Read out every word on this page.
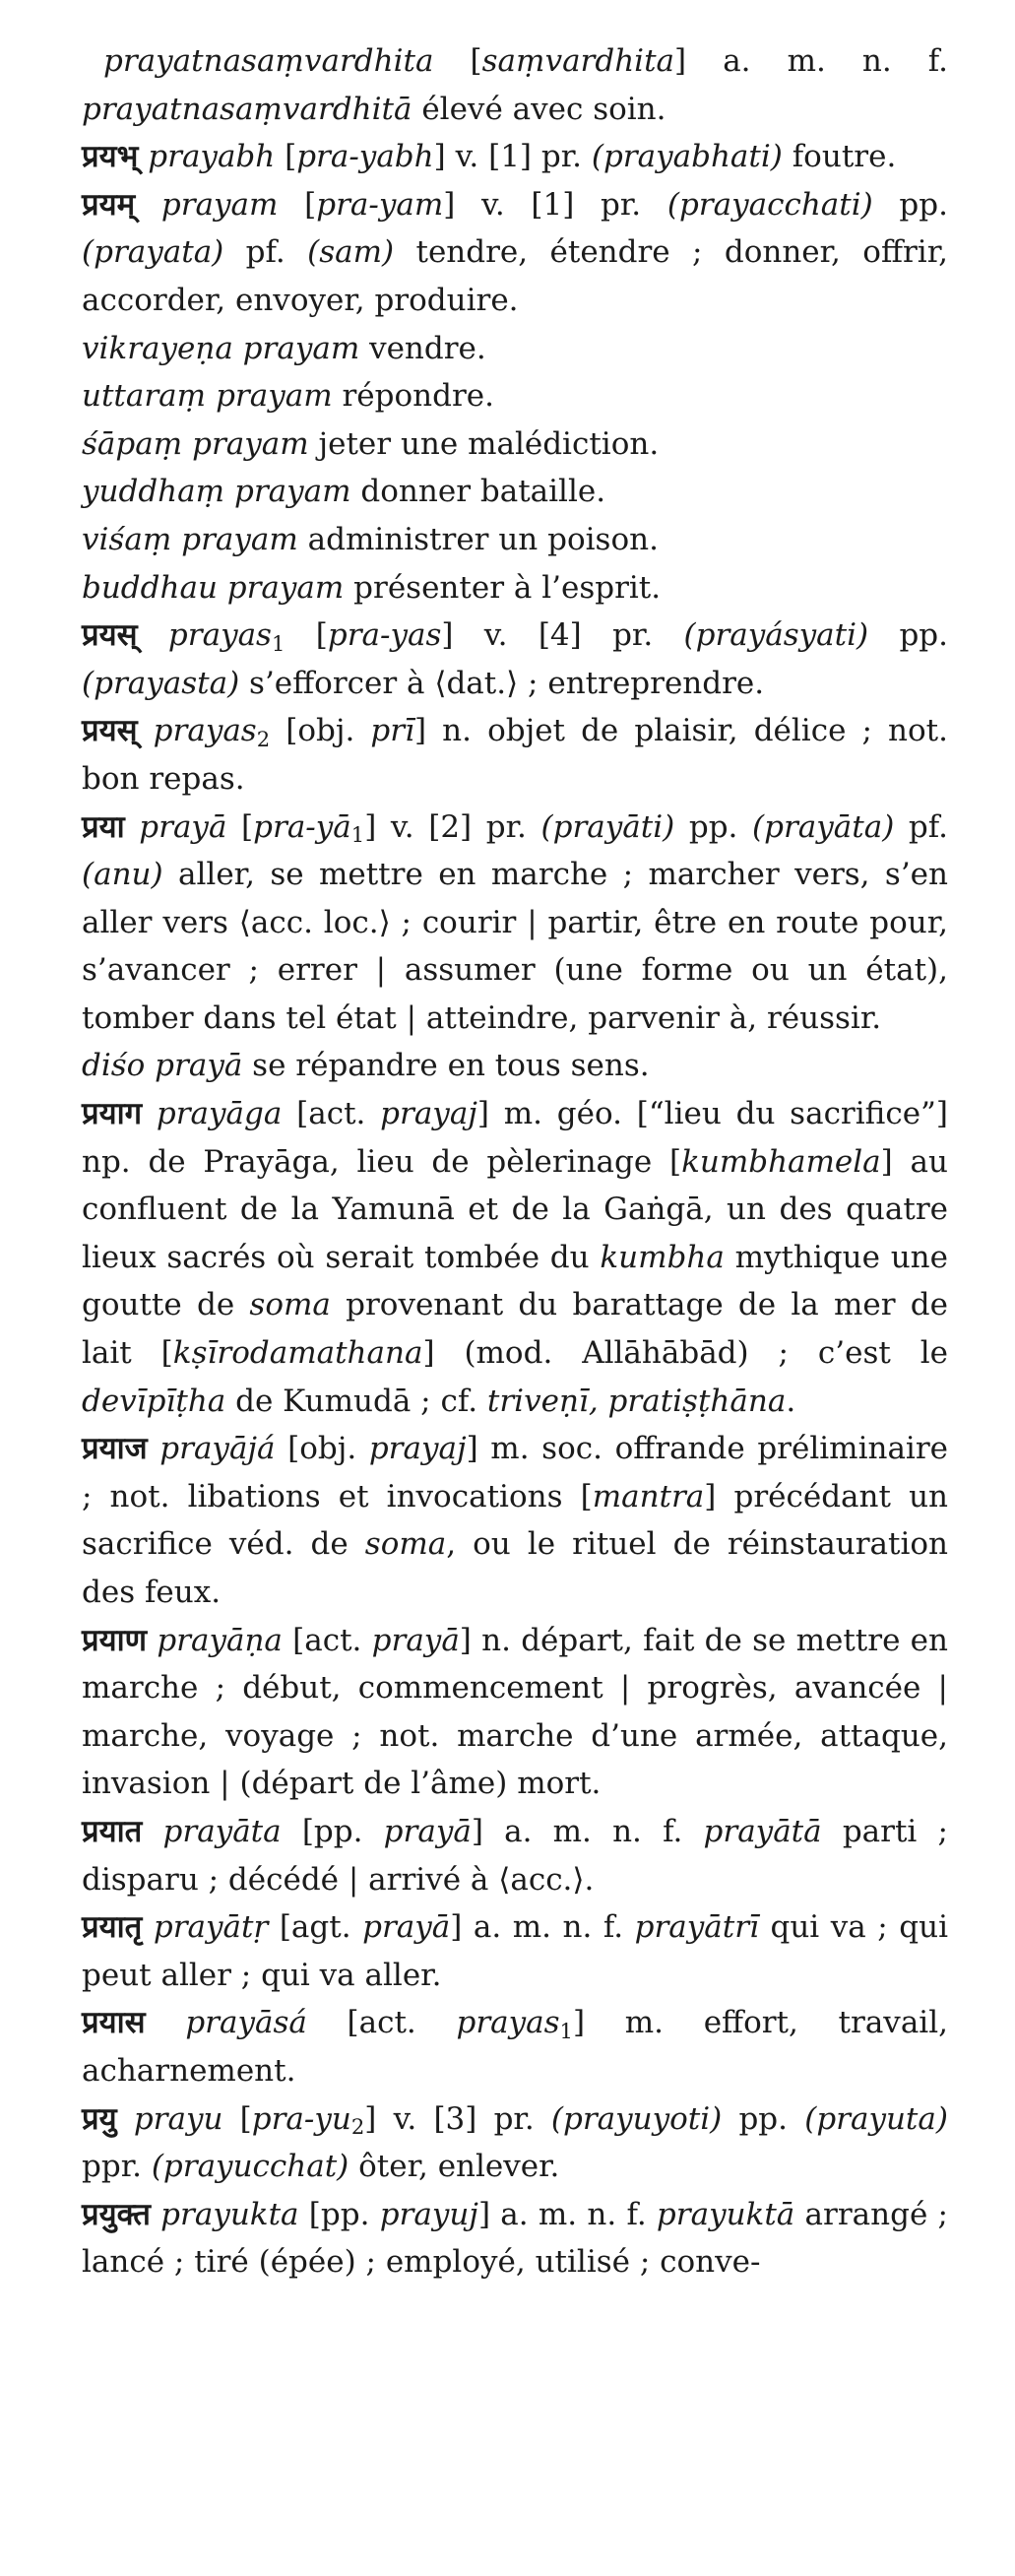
prayatnasaṃvardhita [saṃvardhita] a. m. n. f. prayatnasaṃvardhitā élevé avec soin.

प्रयभ् prayabh [pra-yabh] v. [1] pr. (prayabhati) foutre.

प्रयम् prayam [pra-yam] v. [1] pr. (prayacchati) pp. (prayata) pf. (sam) tendre, étendre ; donner, offrir, accorder, envoyer, produire.

vikrayeṇa prayam vendre.

uttaraṃ prayam répondre.

śāpaṃ prayam jeter une malédiction.

yuddhaṃ prayam donner bataille.

viśaṃ prayam administrer un poison.

buddhau prayam présenter à l’esprit.

प्रयस् prayas1 [pra-yas] v. [4] pr. (prayásyati) pp. (prayasta) s’efforcer à ⟨dat.⟩ ; entreprendre.

प्रयस् prayas2 [obj. prī] n. objet de plaisir, délice ; not. bon repas.

प्रया prayā [pra-yā1] v. [2] pr. (prayāti) pp. (prayāta) pf. (anu) aller, se mettre en marche ; marcher vers, s’en aller vers ⟨acc. loc.⟩ ; courir | partir, être en route pour, s’avancer ; errer | assumer (une forme ou un état), tomber dans tel état | atteindre, parvenir à, réussir.

diśo prayā se répandre en tous sens.

प्रयाग prayāga [act. prayaj] m. géo. [“lieu du sacrifice”] np. de Prayāga, lieu de pèlerinage [kumbhamela] au confluent de la Yamunā et de la Gaṅgā, un des quatre lieux sacrés où serait tombée du kumbha mythique une goutte de soma provenant du barattage de la mer de lait [kṣīrodamathana] (mod. Allāhābād) ; c’est le devīpīṭha de Kumudā ; cf. triveṇī, pratiṣṭhāna.

प्रयाज prayājá [obj. prayaj] m. soc. offrande préliminaire ; not. libations et invocations [mantra] précédant un sacrifice véd. de soma, ou le rituel de réinstauration des feux.

प्रयाण prayāṇa [act. prayā] n. départ, fait de se mettre en marche ; début, commencement | progrès, avancée | marche, voyage ; not. marche d’une armée, attaque, invasion | (départ de l’âme) mort.

प्रयात prayāta [pp. prayā] a. m. n. f. prayātā parti ; disparu ; décédé | arrivé à ⟨acc.⟩.

प्रयातृ prayātṛ [agt. prayā] a. m. n. f. prayātrī qui va ; qui peut aller ; qui va aller.

प्रयास prayāsá [act. prayas1] m. effort, travail, acharnement.

प्रयु prayu [pra-yu2] v. [3] pr. (prayuyoti) pp. (prayuta) ppr. (prayucchat) ôter, enlever.

प्रयुक्त prayukta [pp. prayuj] a. m. n. f. prayuktā arrangé ; lancé ; tiré (épée) ; employé, utilisé ; conve-
